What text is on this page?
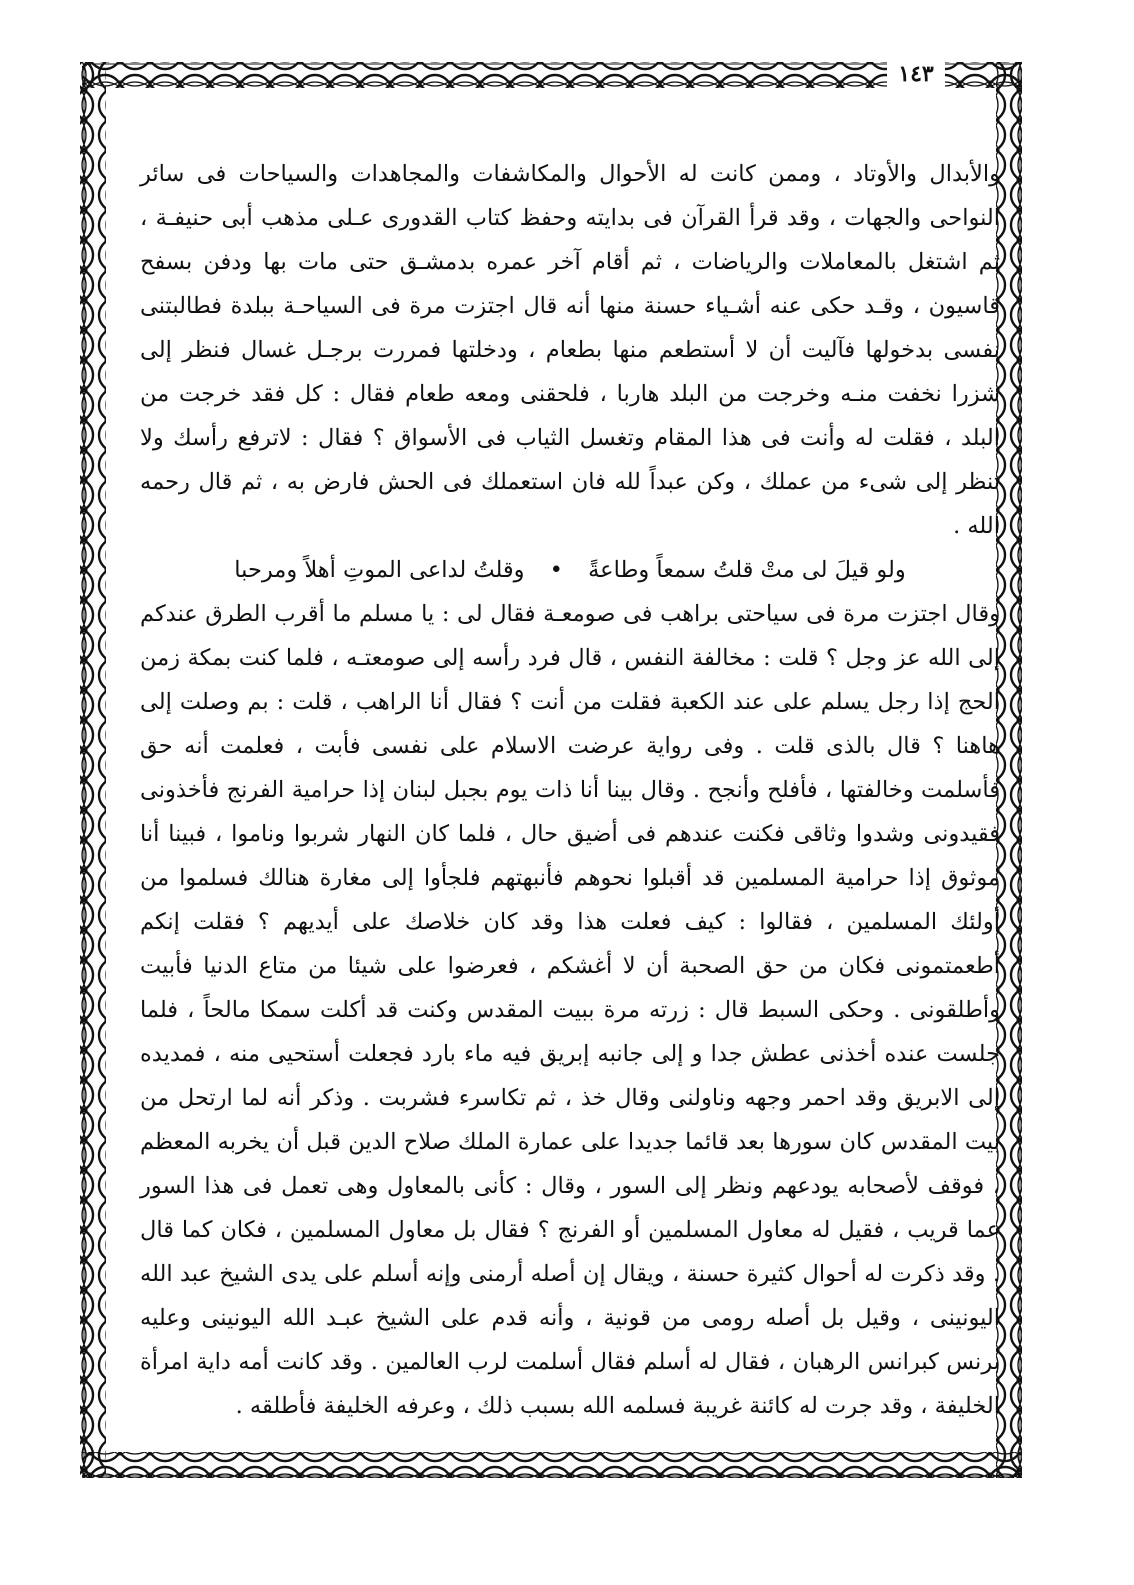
١٤٣

والأبدال والأوتاد ، وممن كانت له الأحوال والمكاشفات والمجاهدات والسياحات فى سائر النواحى والجهات ، وقد قرأ القرآن فى بدايته وحفظ كتاب القدورى عـلى مذهب أبى حنيفـة ، ثم اشتغل بالمعاملات والرياضات ، ثم أقام آخر عمره بدمشـق حتى مات بها ودفن بسفح قاسيون ، وقـد حكى عنه أشـياء حسنة منها أنه قال اجتزت مرة فى السياحـة ببلدة فطالبتنى نفسى بدخولها فآليت أن لا أستطعم منها بطعام ، ودخلتها فمررت برجـل غسال فنظر إلى شزرا نخفت منـه وخرجت من البلد هاربا ، فلحقنى ومعه طعام فقال : كل فقد خرجت من البلد ، فقلت له وأنت فى هذا المقام وتغسل الثياب فى الأسواق ؟ فقال : لاترفع رأسك ولا تنظر إلى شىء من عملك ، وكن عبداً لله فان استعملك فى الحش فارض به ، ثم قال رحمه الله .

ولو قيلَ لى متْ قلتُ سمعاً وطاعةً • وقلتُ لداعى الموتِ أهلاً ومرحبا

وقال اجتزت مرة فى سياحتى براهب فى صومعـة فقال لى : يا مسلم ما أقرب الطرق عندكم إلى الله عز وجل ؟ قلت : مخالفة النفس ، قال فرد رأسه إلى صومعتـه ، فلما كنت بمكة زمن الحج إذا رجل يسلم على عند الكعبة فقلت من أنت ؟ فقال أنا الراهب ، قلت : بم وصلت إلى هاهنا ؟ قال بالذى قلت . وفى رواية عرضت الاسلام على نفسى فأبت ، فعلمت أنه حق فأسلمت وخالفتها ، فأفلح وأنجح . وقال بينا أنا ذات يوم بجبل لبنان إذا حرامية الفرنج فأخذونى فقيدونى وشدوا وثاقى فكنت عندهم فى أضيق حال ، فلما كان النهار شربوا وناموا ، فبينا أنا موثوق إذا حرامية المسلمين قد أقبلوا نحوهم فأنبهتهم فلجأوا إلى مغارة هنالك فسلموا من أولئك المسلمين ، فقالوا : كيف فعلت هذا وقد كان خلاصك على أيديهم ؟ فقلت إنكم أطعمتمونى فكان من حق الصحبة أن لا أغشكم ، فعرضوا على شيئا من متاع الدنيا فأبيت وأطلقونى . وحكى السبط قال : زرته مرة ببيت المقدس وكنت قد أكلت سمكا مالحاً ، فلما جلست عنده أخذنى عطش جدا و إلى جانبه إبريق فيه ماء بارد فجعلت أستحيى منه ، فمديده إلى الابريق وقد احمر وجهه وناولنى وقال خذ ، ثم تكاسرء فشربت . وذكر أنه لما ارتحل من بيت المقدس كان سورها بعد قائما جديدا على عمارة الملك صلاح الدين قبل أن يخربه المعظم ، فوقف لأصحابه يودعهم ونظر إلى السور ، وقال : كأنى بالمعاول وهى تعمل فى هذا السور عما قريب ، فقيل له معاول المسلمين أو الفرنج ؟ فقال بل معاول المسلمين ، فكان كما قال . وقد ذكرت له أحوال كثيرة حسنة ، ويقال إن أصله أرمنى وإنه أسلم على يدى الشيخ عبد الله اليونينى ، وقيل بل أصله رومى من قونية ، وأنه قدم على الشيخ عبـد الله اليونينى وعليه برنس كبرانس الرهبان ، فقال له أسلم فقال أسلمت لرب العالمين . وقد كانت أمه داية امرأة الخليفة ، وقد جرت له كائنة غريبة فسلمه الله بسبب ذلك ، وعرفه الخليفة فأطلقه .
